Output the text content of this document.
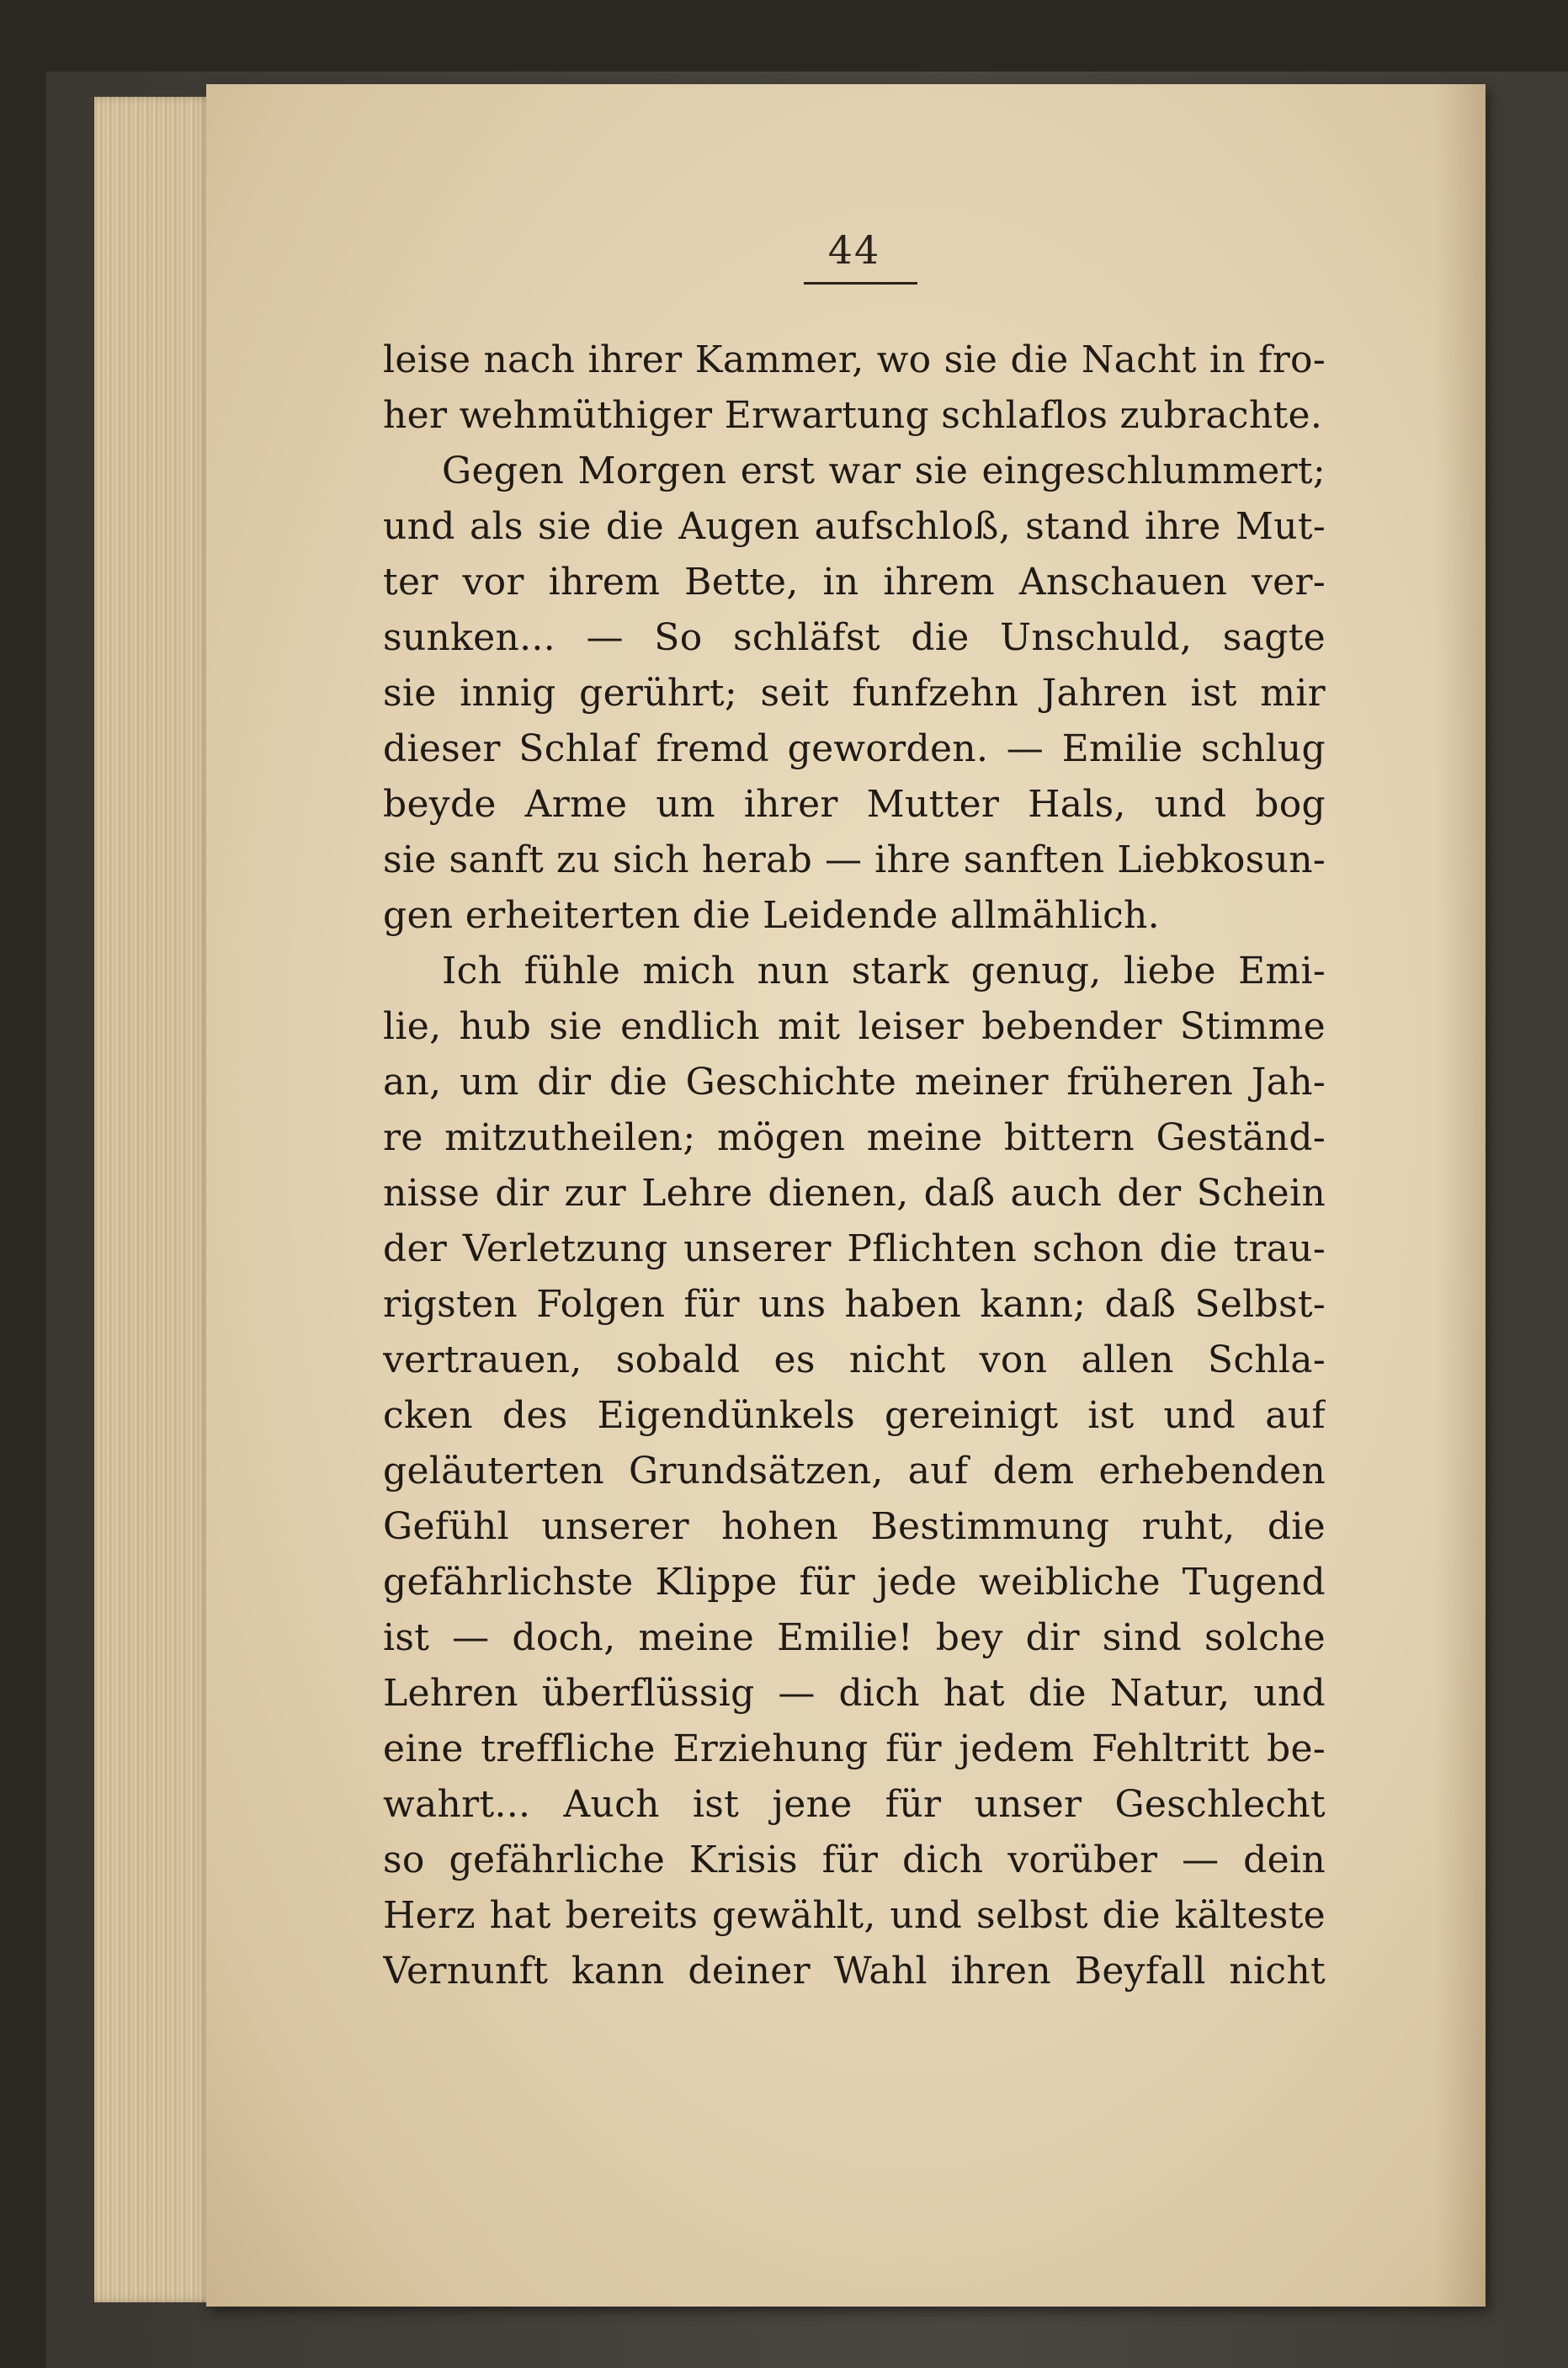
44
leise nach ihrer Kammer, wo sie die Nacht in fro-
her wehmüthiger Erwartung schlaflos zubrachte.
Gegen Morgen erst war sie eingeschlummert;
und als sie die Augen aufschloß, stand ihre Mut-
ter vor ihrem Bette, in ihrem Anschauen ver-
sunken... — So schläfst die Unschuld, sagte
sie innig gerührt; seit funfzehn Jahren ist mir
dieser Schlaf fremd geworden. — Emilie schlug
beyde Arme um ihrer Mutter Hals, und bog
sie sanft zu sich herab — ihre sanften Liebkosun-
gen erheiterten die Leidende allmählich.
Ich fühle mich nun stark genug, liebe Emi-
lie, hub sie endlich mit leiser bebender Stimme
an, um dir die Geschichte meiner früheren Jah-
re mitzutheilen; mögen meine bittern Geständ-
nisse dir zur Lehre dienen, daß auch der Schein
der Verletzung unserer Pflichten schon die trau-
rigsten Folgen für uns haben kann; daß Selbst-
vertrauen, sobald es nicht von allen Schla-
cken des Eigendünkels gereinigt ist und auf
geläuterten Grundsätzen, auf dem erhebenden
Gefühl unserer hohen Bestimmung ruht, die
gefährlichste Klippe für jede weibliche Tugend
ist — doch, meine Emilie! bey dir sind solche
Lehren überflüssig — dich hat die Natur, und
eine treffliche Erziehung für jedem Fehltritt be-
wahrt... Auch ist jene für unser Geschlecht
so gefährliche Krisis für dich vorüber — dein
Herz hat bereits gewählt, und selbst die kälteste
Vernunft kann deiner Wahl ihren Beyfall nicht
